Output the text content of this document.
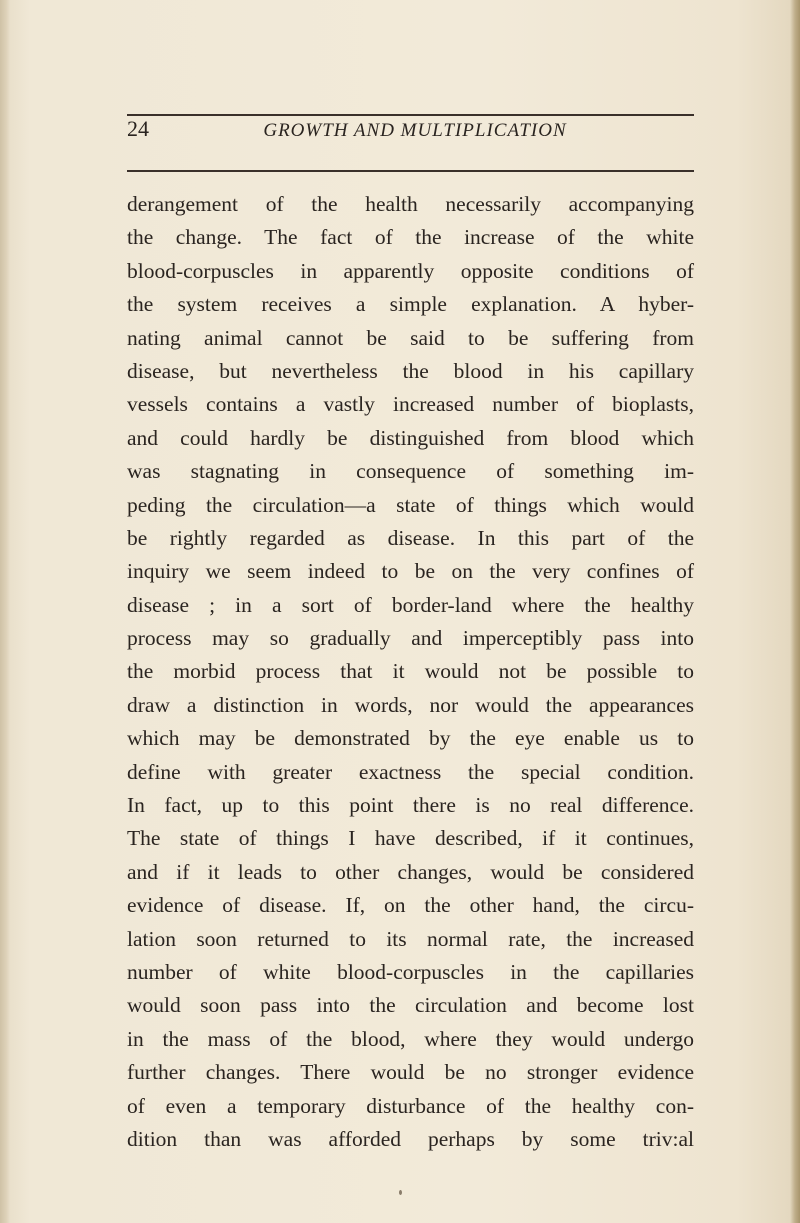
24	GROWTH AND MULTIPLICATION
derangement of the health necessarily accompanying
the change. The fact of the increase of the white
blood-corpuscles in apparently opposite conditions of
the system receives a simple explanation. A hyber-
nating animal cannot be said to be suffering from
disease, but nevertheless the blood in his capillary
vessels contains a vastly increased number of bioplasts,
and could hardly be distinguished from blood which
was stagnating in consequence of something im-
peding the circulation—a state of things which would
be rightly regarded as disease. In this part of the
inquiry we seem indeed to be on the very confines of
disease ; in a sort of border-land where the healthy
process may so gradually and imperceptibly pass into
the morbid process that it would not be possible to
draw a distinction in words, nor would the appearances
which may be demonstrated by the eye enable us to
define with greater exactness the special condition.
In fact, up to this point there is no real difference.
The state of things I have described, if it continues,
and if it leads to other changes, would be considered
evidence of disease. If, on the other hand, the circu-
lation soon returned to its normal rate, the increased
number of white blood-corpuscles in the capillaries
would soon pass into the circulation and become lost
in the mass of the blood, where they would undergo
further changes. There would be no stronger evidence
of even a temporary disturbance of the healthy con-
dition than was afforded perhaps by some triv:al
